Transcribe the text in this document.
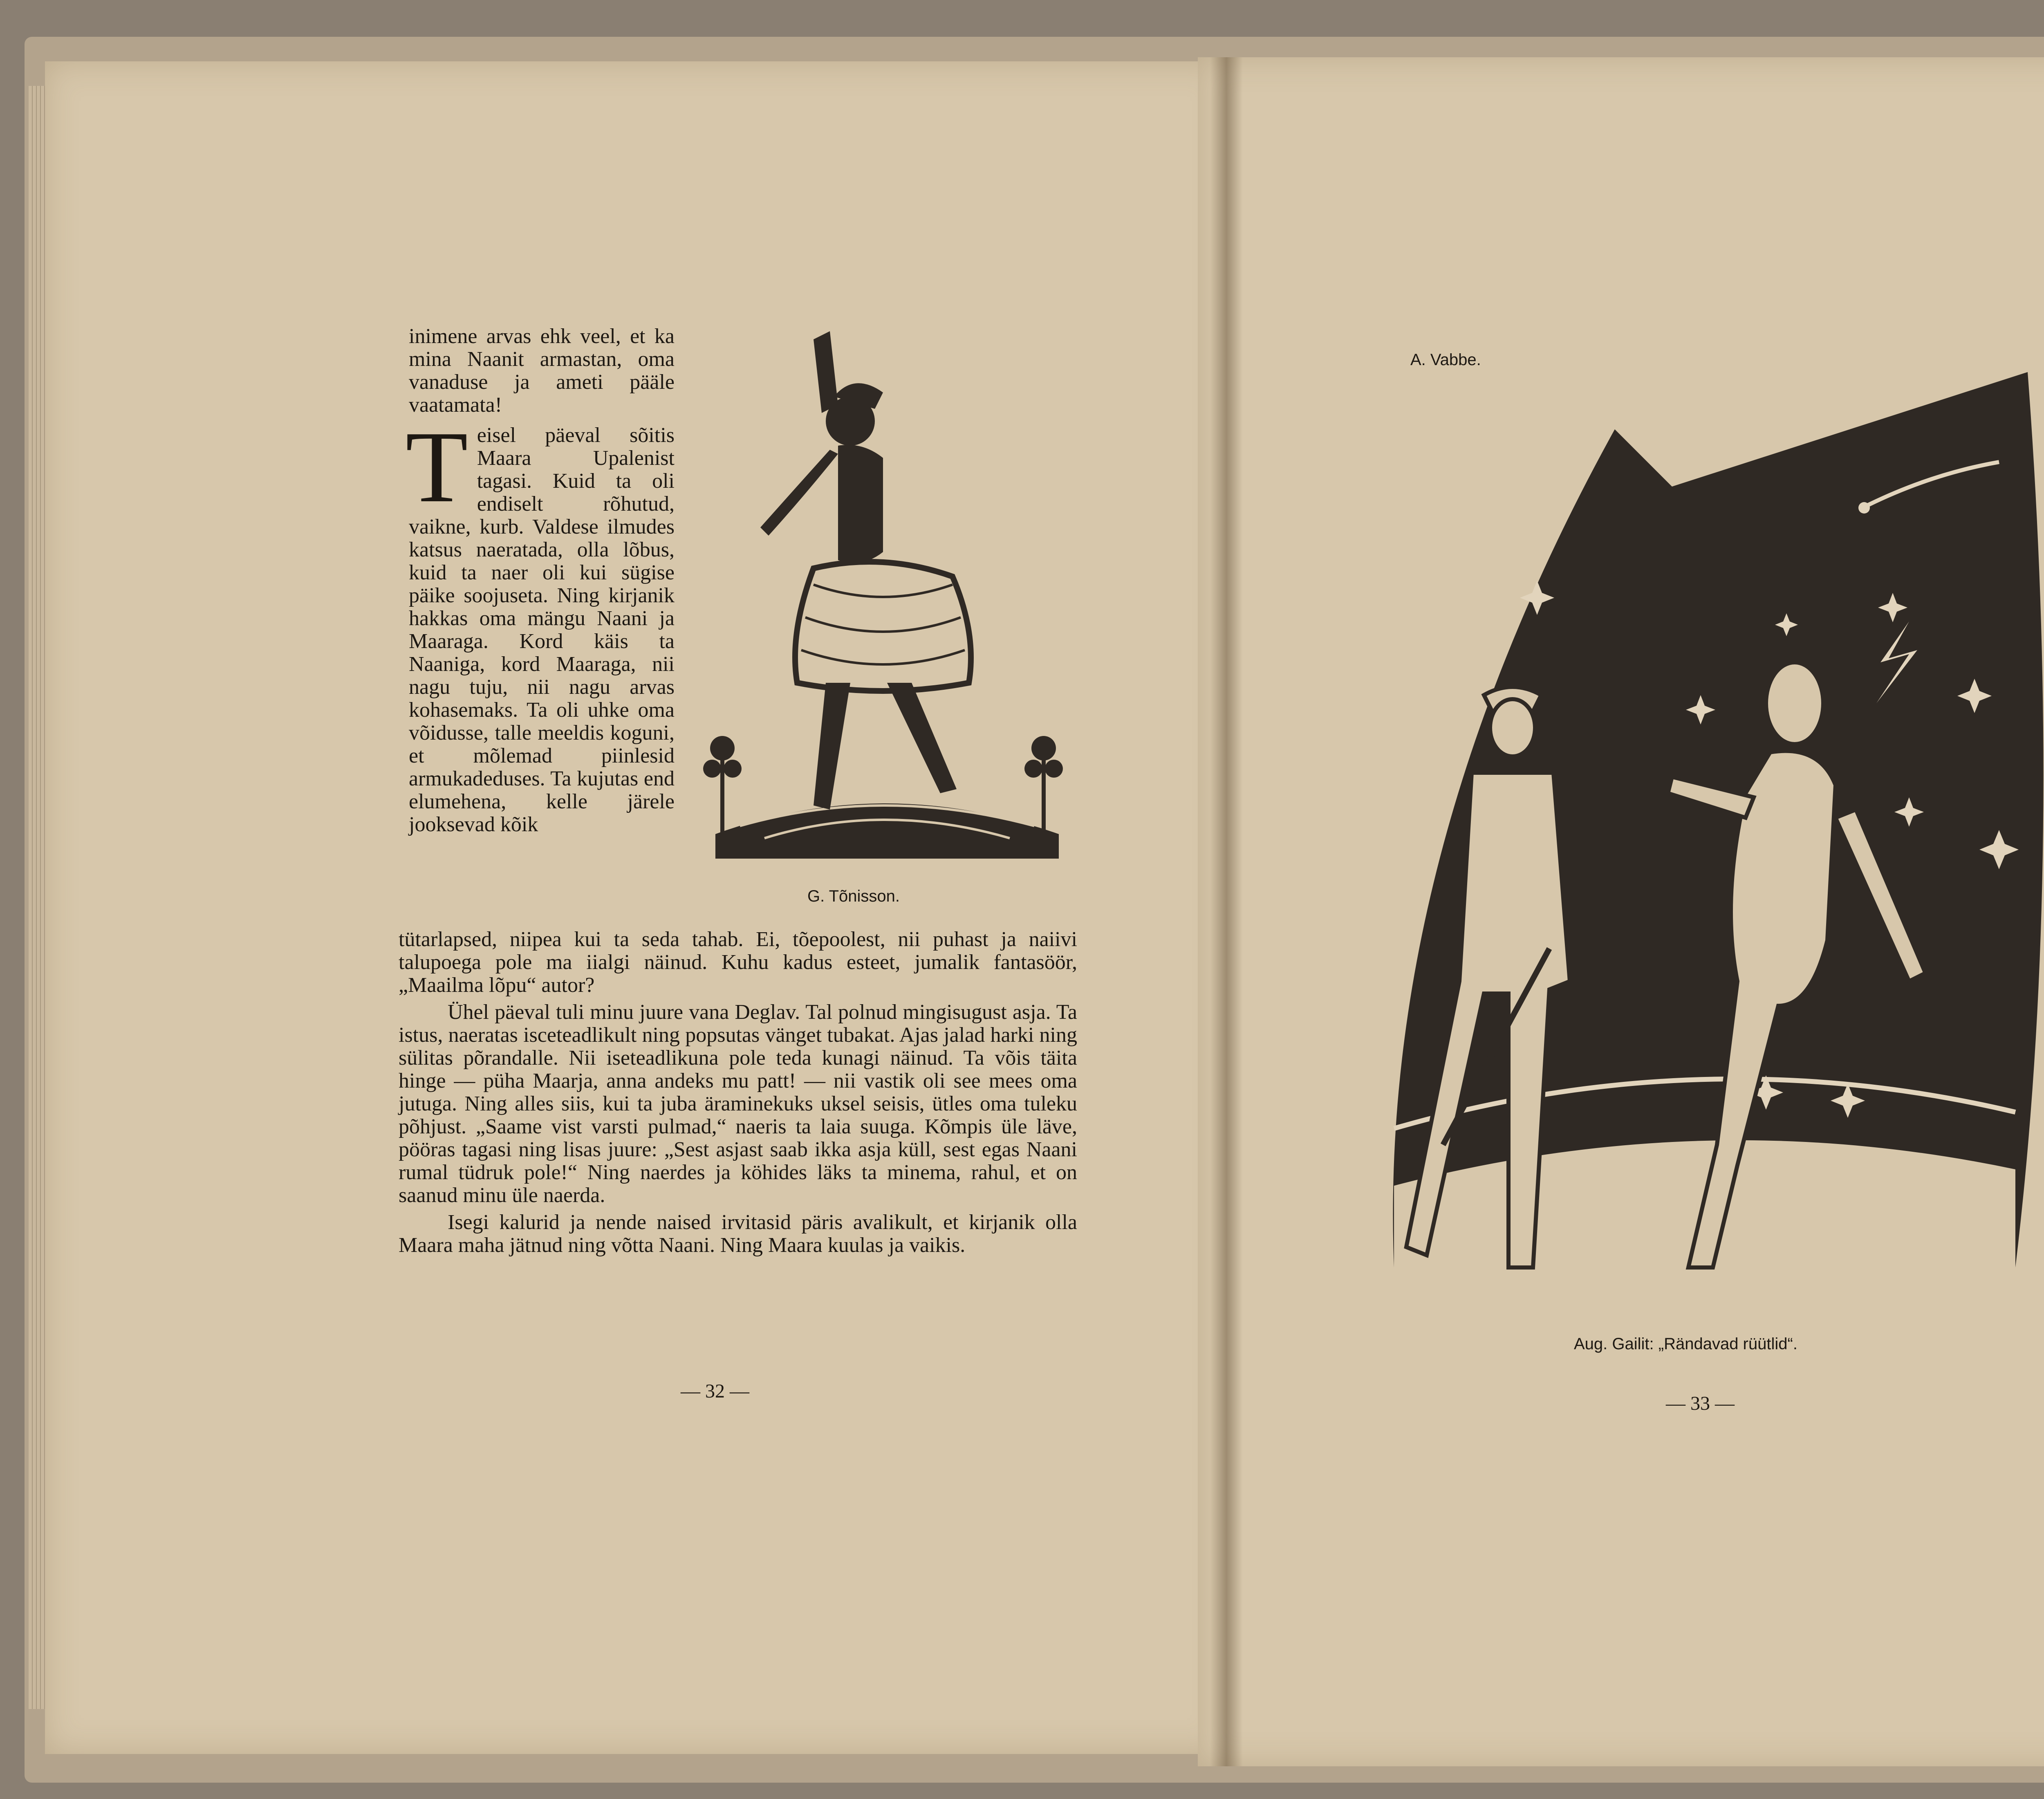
inimene arvas ehk veel, et ka mina Naanit armastan, oma vanaduse ja ameti pääle vaatamata!

Teisel päeval sõitis Maara Upalenist tagasi. Kuid ta oli endiselt rõhutud, vaikne, kurb. Valdese ilmudes katsus naeratada, olla lõbus, kuid ta naer oli kui sügise päike soojuseta. Ning kirjanik hakkas oma mängu Naani ja Maaraga. Kord käis ta Naaniga, kord Maaraga, nii nagu tuju, nii nagu arvas kohasemaks. Ta oli uhke oma võidusse, talle meeldis koguni, et mõlemad piinlesid armukadeduses. Ta kujutas end elumehena, kelle järele jooksevad kõik

tütarlapsed, niipea kui ta seda tahab. Ei, tõepoolest, nii puhast ja naiivi talupoega pole ma iialgi näinud. Kuhu kadus esteet, jumalik fantasöör, „Maailma lõpu“ autor?

Ühel päeval tuli minu juure vana Deglav. Tal polnud mingisugust asja. Ta istus, naeratas isceteadlikult ning popsutas vänget tubakat. Ajas jalad harki ning sülitas põrandalle. Nii iseteadlikuna pole teda kunagi näinud. Ta võis täita hinge — püha Maarja, anna andeks mu patt! — nii vastik oli see mees oma jutuga. Ning alles siis, kui ta juba äraminekuks uksel seisis, ütles oma tuleku põhjust. „Saame vist varsti pulmad,“ naeris ta laia suuga. Kõmpis üle läve, pööras tagasi ning lisas juure: „Sest asjast saab ikka asja küll, sest egas Naani rumal tüdruk pole!“ Ning naerdes ja köhides läks ta minema, rahul, et on saanud minu üle naerda.

Isegi kalurid ja nende naised irvitasid päris avalikult, et kirjanik olla Maara maha jätnud ning võtta Naani. Ning Maara kuulas ja vaikis.

G. Tõnisson.
— 32 —
A. Vabbe.
Aug. Gailit: „Rändavad rüütlid“.
— 33 —
